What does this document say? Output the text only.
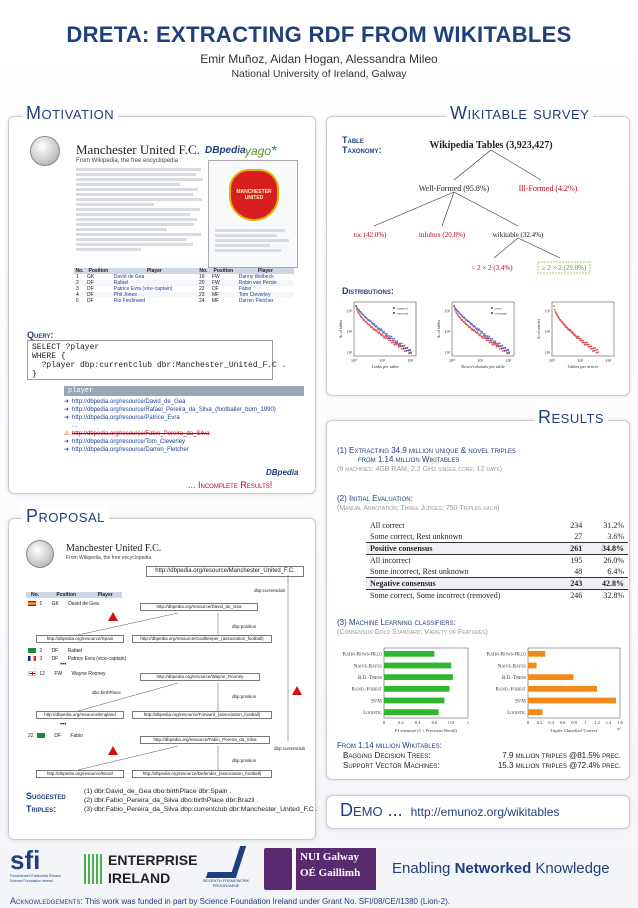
DRETA: EXTRACTING RDF FROM WIKITABLES
Emir Muñoz, Aidan Hogan, Alessandra Mileo
National University of Ireland, Galway
Motivation
Manchester United F.C.
From Wikipedia, the free encyclopedia
DBpedia yago*
MANCHESTER UNITED
No.	Position	Player	No.	Position	Player
1	GK	David de Gea	19	FW	Danny Welbeck
2	DF	Rafael	20	FW	Robin van Persie
3	DF	Patrice Evra (vice-captain)	22	DF	Fábio
4	DF	Phil Jones	23	MF	Tom Cleverley
5	DF	Rio Ferdinand	24	MF	Darren Fletcher
Query:
SELECT ?player
WHERE {
?player dbp:currentclub dbr:Manchester_United_F.C .
}
player
➜ http://dbpedia.org/resource/David_de_Gea
➜ http://dbpedia.org/resource/Rafael_Pereira_da_Silva_(footballer_born_1990)
➜ http://dbpedia.org/resource/Patrice_Evra
...
⚠ http://dbpedia.org/resource/Fabio_Pereira_da_Silva
➜ http://dbpedia.org/resource/Tom_Cleverley
➜ http://dbpedia.org/resource/Darren_Fletcher
DBpedia
... Incomplete Results!
Wikitable survey
Table Taxonomy:	Wikipedia Tables (3,923,427)
Well-Formed (95.8%)	Ill-Formed (4.2%)
toc (42.0%)	infobox (20.8%)	wikitable (32.4%)
< 2 × 2 (3.4%)	≥ 2 × 2 (29.0%)
Distributions:
internal
external
10⁰	10¹	10²
10²
10⁴
10⁶
Links per table
№ of tables
rows
columns
10⁰	10¹	10²
10²
10⁴
10⁶
Rows/columns per table
№ of tables
10⁰	10¹	10²
10²
10⁴
10⁶
Tables per article
№ of articles
Results
(1) Extracting 34.9 million unique & novel triples
from 1.14 million Wikitables
(8 machines: 4GB RAM, 2.2 GHz single core; 12 days)
(2) Initial Evaluation:
(Manual Annotation; Three Judges; 750 Triples each)
All correct	234	31.2%
Some correct, Rest unknown	27	3.6%
Positive consensus	261	34.8%
All incorrect	195	26.0%
Some incorrect, Rest unknown	48	6.4%
Negative consensus	243	42.8%
Some correct, Some incorrect (removed)	246	32.8%
(3) Machine Learning classifiers:
(Consensus Gold Standard; Variety of Features)
Ratio-Rows-Held
Naive-Bayes
B.D.-Trees
Rand.-Forest
SVM
Logistic
0	0.2 0.4 0.6 0.8	1
F1-measure (1 + Precision·Recall)
Ratio-Rows-Held
Naive-Bayes
B.D.-Trees
Rand.-Forest
SVM
Logistic
0 0.2 0.4 0.6 0.8 1 1.2 1.4 1.6
·10⁷
Triples Classified 'Correct'
From 1.14 million Wikitables:
Bagging Decision Trees:	7.9 million triples @81.5% prec.
Support Vector Machines:	15.3 million triples @72.4% prec.
Proposal
Manchester United F.C.
From Wikipedia, the free encyclopedia
http://dbpedia.org/resource/Manchester_United_F.C.
dbp:currentclub
No.	Position	Player
1 GK David de Gea	http://dbpedia.org/resource/David_de_Gea
dbp:position
http://dbpedia.org/resource/Spain	http://dbpedia.org/resource/Goalkeeper_(association_football)
2 DF Rafael
3 DF Patrice Evra (vice-captain)
•••
12 FW Wayne Rooney	http://dbpedia.org/resource/Wayne_Rooney
dbo:birthPlace
dbp:position
http://dbpedia.org/resource/England	http://dbpedia.org/resource/Forward_(association_football)
•••
22	DF Fabio
http://dbpedia.org/resource/Fabio_Pereira_da_Silva
dbp:position
dbp:currentclub
http://dbpedia.org/resource/Brazil	http://dbpedia.org/resource/Defender_(association_football)
Suggested Triples:
(1) dbr:David_de_Gea dbo:birthPlace dbr:Spain .
(2) dbr:Fabio_Pereira_da_Silva dbo:birthPlace dbr:Brazil .
(3) dbr:Fabio_Pereira_da_Silva dbp:currentclub dbr:Manchester_United_F.C . Demo ... http://emunoz.org/wikitables
sfi
Fondúireacht Eolaíochta Éireann
Science Foundation Ireland
ENTERPRISE
IRELAND	SEVENTH FRAMEWORK
PROGRAMME
NUI Galway
OÉ Gaillimh	Enabling Networked Knowledge
Acknowledgements: This work was funded in part by Science Foundation Ireland under Grant No. SFI/08/CE/I1380 (Lion-2).
